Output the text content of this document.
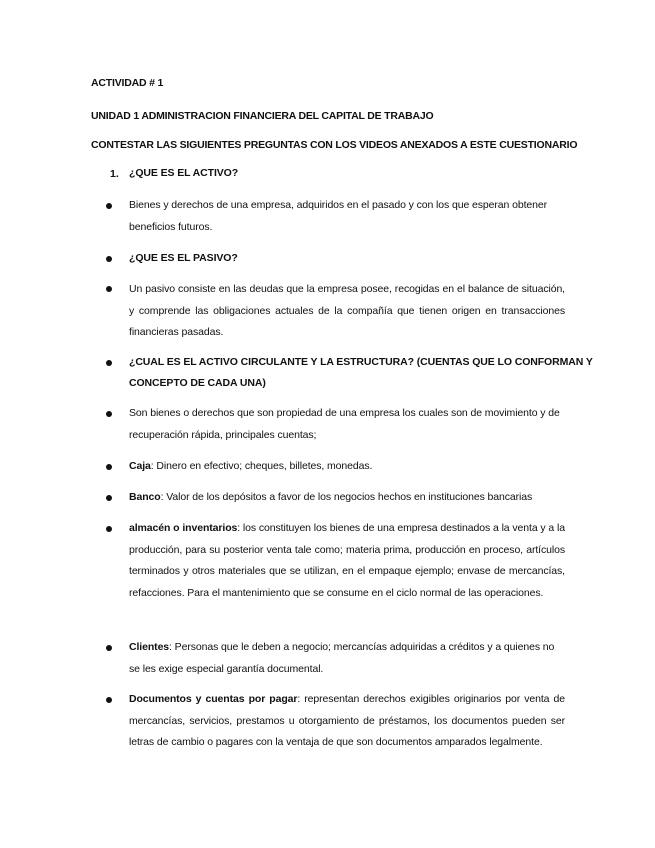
ACTIVIDAD # 1
UNIDAD 1 ADMINISTRACION FINANCIERA DEL CAPITAL DE TRABAJO
CONTESTAR LAS SIGUIENTES PREGUNTAS CON LOS VIDEOS ANEXADOS A ESTE CUESTIONARIO
1. ¿QUE ES EL ACTIVO?
Bienes y derechos de una empresa, adquiridos en el pasado y con los que esperan obtener beneficios futuros.
¿QUE ES EL PASIVO?
Un pasivo consiste en las deudas que la empresa posee, recogidas en el balance de situación, y comprende las obligaciones actuales de la compañía que tienen origen en transacciones financieras pasadas.
¿CUAL ES EL ACTIVO CIRCULANTE Y LA ESTRUCTURA? (CUENTAS QUE LO CONFORMAN Y
CONCEPTO DE CADA UNA)
Son bienes o derechos que son propiedad de una empresa los cuales son de movimiento y de recuperación rápida, principales cuentas;
Caja: Dinero en efectivo; cheques, billetes, monedas.
Banco: Valor de los depósitos a favor de los negocios hechos en instituciones bancarias
almacén o inventarios: los constituyen los bienes de una empresa destinados a la venta y a la producción, para su posterior venta tale como; materia prima, producción en proceso, artículos terminados y otros materiales que se utilizan, en el empaque ejemplo; envase de mercancías, refacciones. Para el mantenimiento que se consume en el ciclo normal de las operaciones.
Clientes: Personas que le deben a negocio; mercancías adquiridas a créditos y a quienes no se les exige especial garantía documental.
Documentos y cuentas por pagar: representan derechos exigibles originarios por venta de mercancías, servicios, prestamos u otorgamiento de préstamos, los documentos pueden ser letras de cambio o pagares con la ventaja de que son documentos amparados legalmente.
